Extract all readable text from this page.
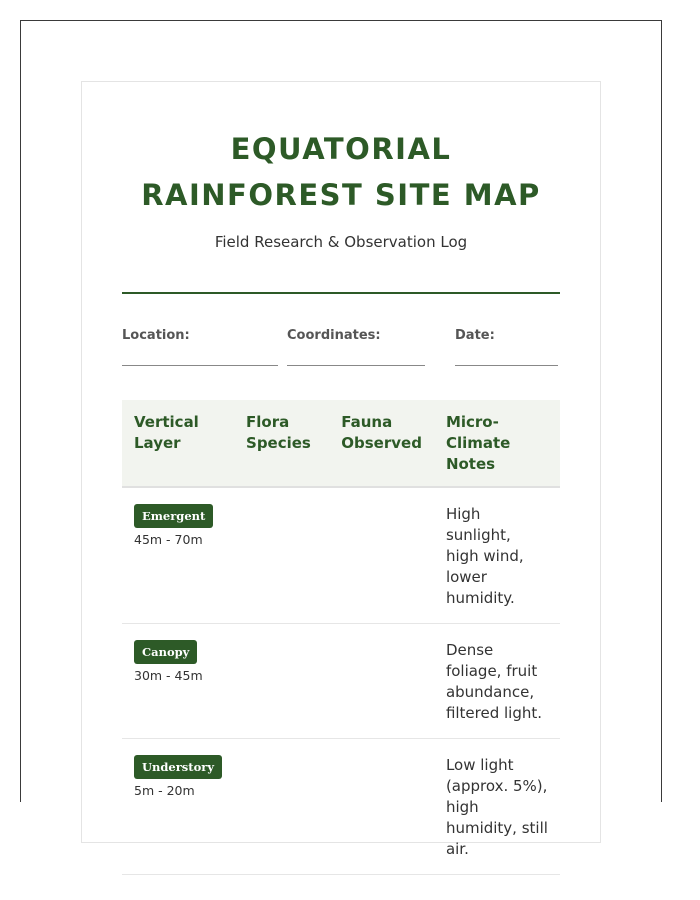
EQUATORIAL RAINFOREST SITE MAP
Field Research & Observation Log
Location:	Coordinates:	Date:
Vertical Layer	Flora Species	Fauna Observed	Micro-Climate Notes
Emergent
45m - 70m			High sunlight, high wind, lower humidity.
Canopy
30m - 45m			Dense foliage, fruit abundance, filtered light.
Understory
5m - 20m			Low light (approx. 5%), high humidity, still air.
